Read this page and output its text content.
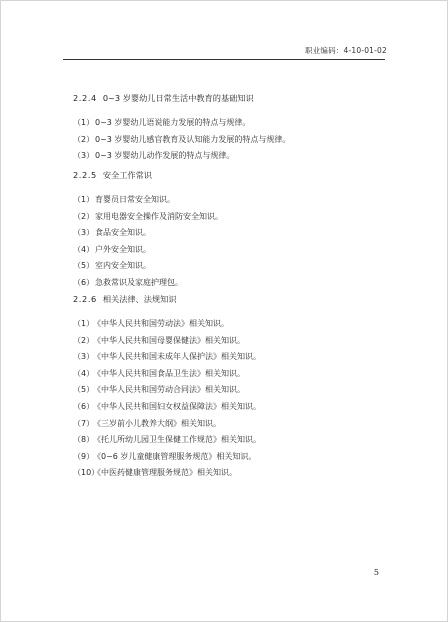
职业编码：4-10-01-02
2.2.4 0~3 岁婴幼儿日常生活中教育的基础知识
（1）0~3 岁婴幼儿语说能力发展的特点与规律。
（2）0~3 岁婴幼儿感官教育及认知能力发展的特点与规律。
（3）0~3 岁婴幼儿动作发展的特点与规律。
2.2.5 安全工作常识
（1）育婴员日常安全知识。
（2）家用电器安全操作及消防安全知识。
（3）食品安全知识。
（4）户外安全知识。
（5）室内安全知识。
（6）急救常识及家庭护理包。
2.2.6 相关法律、法规知识
（1）《中华人民共和国劳动法》相关知识。
（2）《中华人民共和国母婴保健法》相关知识。
（3）《中华人民共和国未成年人保护法》相关知识。
（4）《中华人民共和国食品卫生法》相关知识。
（5）《中华人民共和国劳动合同法》相关知识。
（6）《中华人民共和国妇女权益保障法》相关知识。
（7）《三岁前小儿教养大纲》相关知识。
（8）《托儿所幼儿园卫生保健工作规范》相关知识。
（9）《0~6 岁儿童健康管理服务规范》相关知识。
（10）《中医药健康管理服务规范》相关知识。
5
